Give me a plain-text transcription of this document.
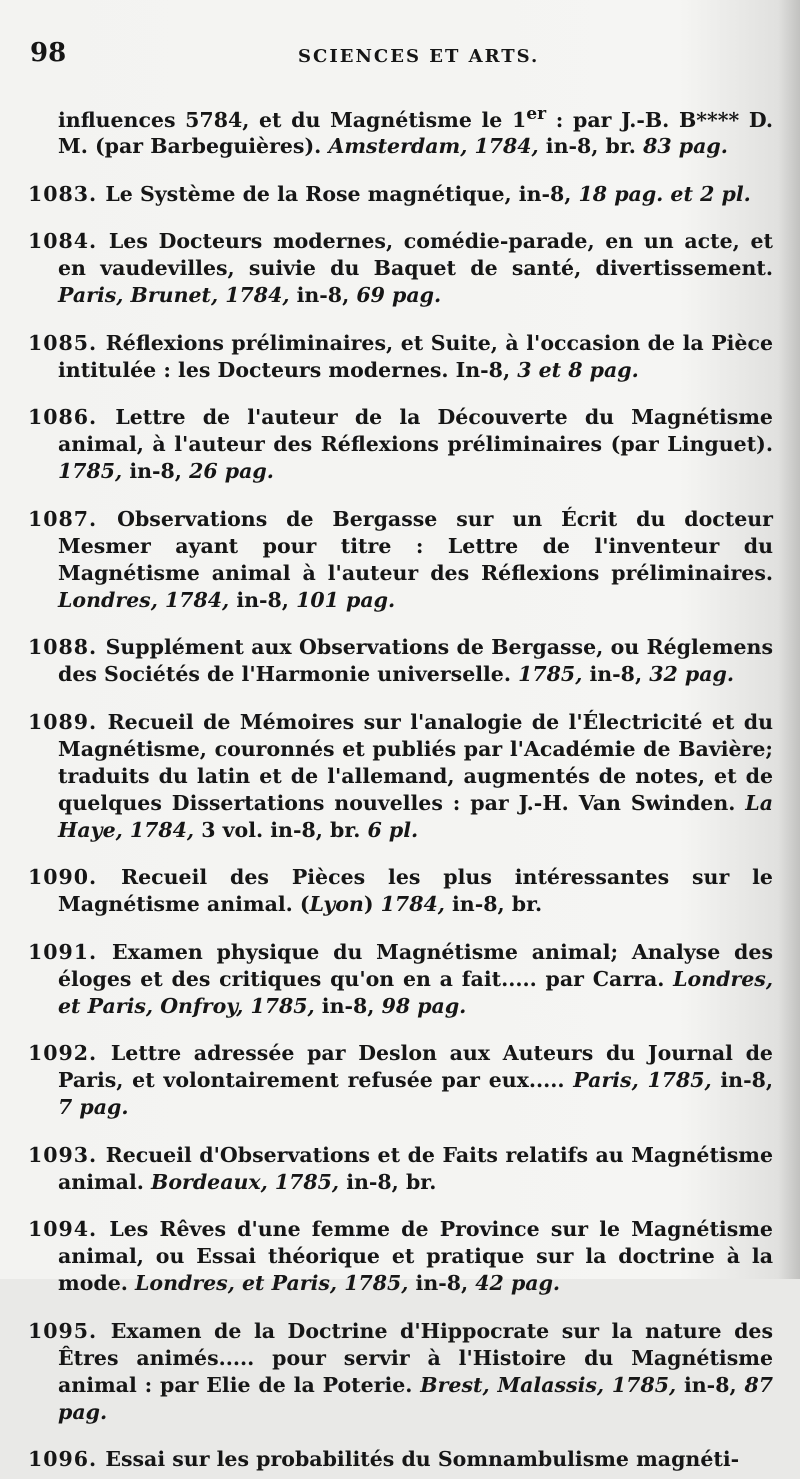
98	SCIENCES ET ARTS.

influences 5784, et du Magnétisme le 1er : par J.-B. B**** D. M. (par Barbeguières). Amsterdam, 1784, in-8, br. 83 pag.

1083. Le Système de la Rose magnétique, in-8, 18 pag. et 2 pl.

1084. Les Docteurs modernes, comédie-parade, en un acte, et en vaudevilles, suivie du Baquet de santé, divertissement. Paris, Brunet, 1784, in-8, 69 pag.

1085. Réflexions préliminaires, et Suite, à l'occasion de la Pièce intitulée : les Docteurs modernes. In-8, 3 et 8 pag.

1086. Lettre de l'auteur de la Découverte du Magnétisme animal, à l'auteur des Réflexions préliminaires (par Linguet). 1785, in-8, 26 pag.

1087. Observations de Bergasse sur un Écrit du docteur Mesmer ayant pour titre : Lettre de l'inventeur du Magnétisme animal à l'auteur des Réflexions préliminaires. Londres, 1784, in-8, 101 pag.

1088. Supplément aux Observations de Bergasse, ou Réglemens des Sociétés de l'Harmonie universelle. 1785, in-8, 32 pag.

1089. Recueil de Mémoires sur l'analogie de l'Électricité et du Magnétisme, couronnés et publiés par l'Académie de Bavière; traduits du latin et de l'allemand, augmentés de notes, et de quelques Dissertations nouvelles : par J.-H. Van Swinden. La Haye, 1784, 3 vol. in-8, br. 6 pl.

1090. Recueil des Pièces les plus intéressantes sur le Magnétisme animal. (Lyon) 1784, in-8, br.

1091. Examen physique du Magnétisme animal; Analyse des éloges et des critiques qu'on en a fait..... par Carra. Londres, et Paris, Onfroy, 1785, in-8, 98 pag.

1092. Lettre adressée par Deslon aux Auteurs du Journal de Paris, et volontairement refusée par eux..... Paris, 1785, in-8, 7 pag.

1093. Recueil d'Observations et de Faits relatifs au Magnétisme animal. Bordeaux, 1785, in-8, br.

1094. Les Rêves d'une femme de Province sur le Magnétisme animal, ou Essai théorique et pratique sur la doctrine à la mode. Londres, et Paris, 1785, in-8, 42 pag.

1095. Examen de la Doctrine d'Hippocrate sur la nature des Êtres animés..... pour servir à l'Histoire du Magnétisme animal : par Elie de la Poterie. Brest, Malassis, 1785, in-8, 87 pag.

1096. Essai sur les probabilités du Somnambulisme magnéti-
